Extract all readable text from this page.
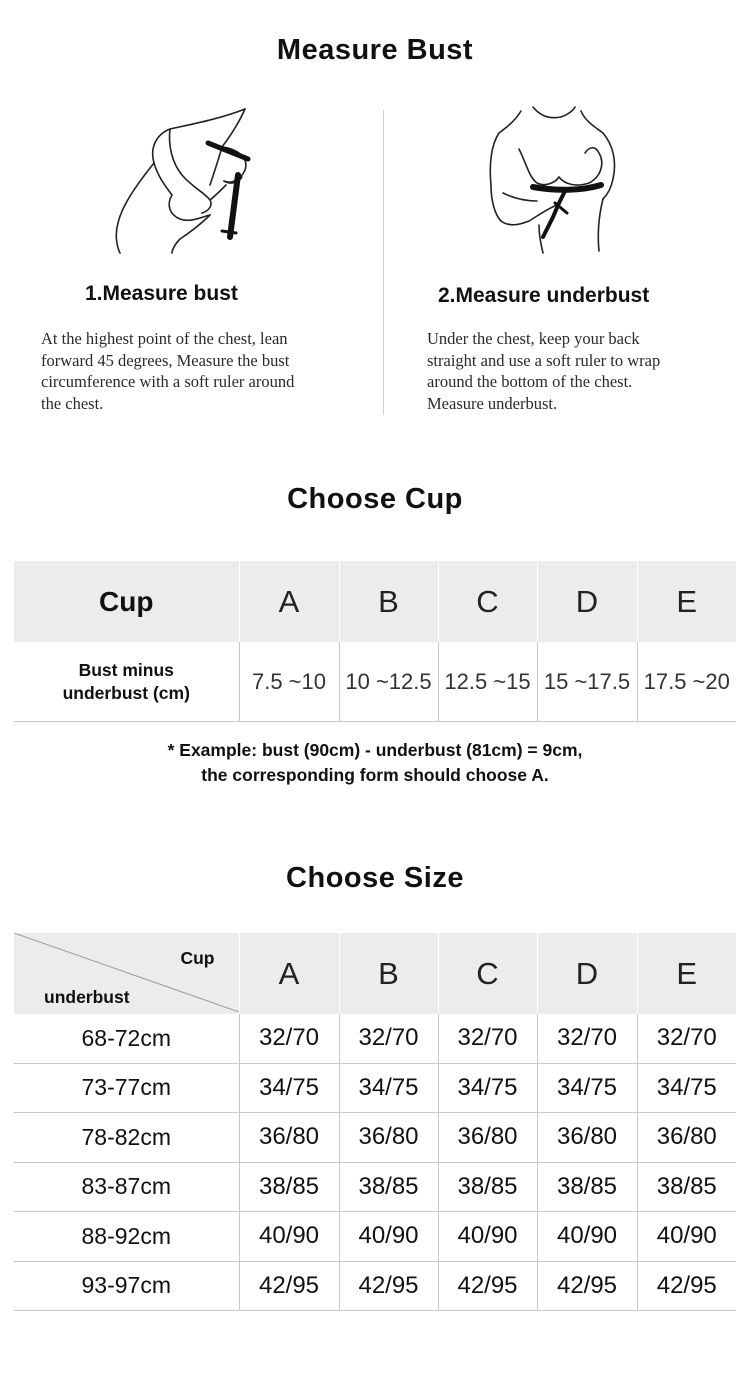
Measure Bust
1.Measure bust	2.Measure underbust

At the highest point of the chest, lean
forward 45 degrees, Measure the bust
circumference with a soft ruler around
the chest.

Under the chest, keep your back
straight and use a soft ruler to wrap
around the bottom of the chest.
Measure underbust.

Choose Cup
Cup	A	B	C	D	E
Bust minus
underbust (cm)	7.5 ~10	10 ~12.5	12.5 ~15	15 ~17.5	17.5 ~20

* Example: bust (90cm) - underbust (81cm) = 9cm,
the corresponding form should choose A.

Choose Size
Cup
underbust	A	B	C	D	E
68-72cm	32/70	32/70	32/70	32/70	32/70
73-77cm	34/75	34/75	34/75	34/75	34/75
78-82cm	36/80	36/80	36/80	36/80	36/80
83-87cm	38/85	38/85	38/85	38/85	38/85
88-92cm	40/90	40/90	40/90	40/90	40/90
93-97cm	42/95	42/95	42/95	42/95	42/95
